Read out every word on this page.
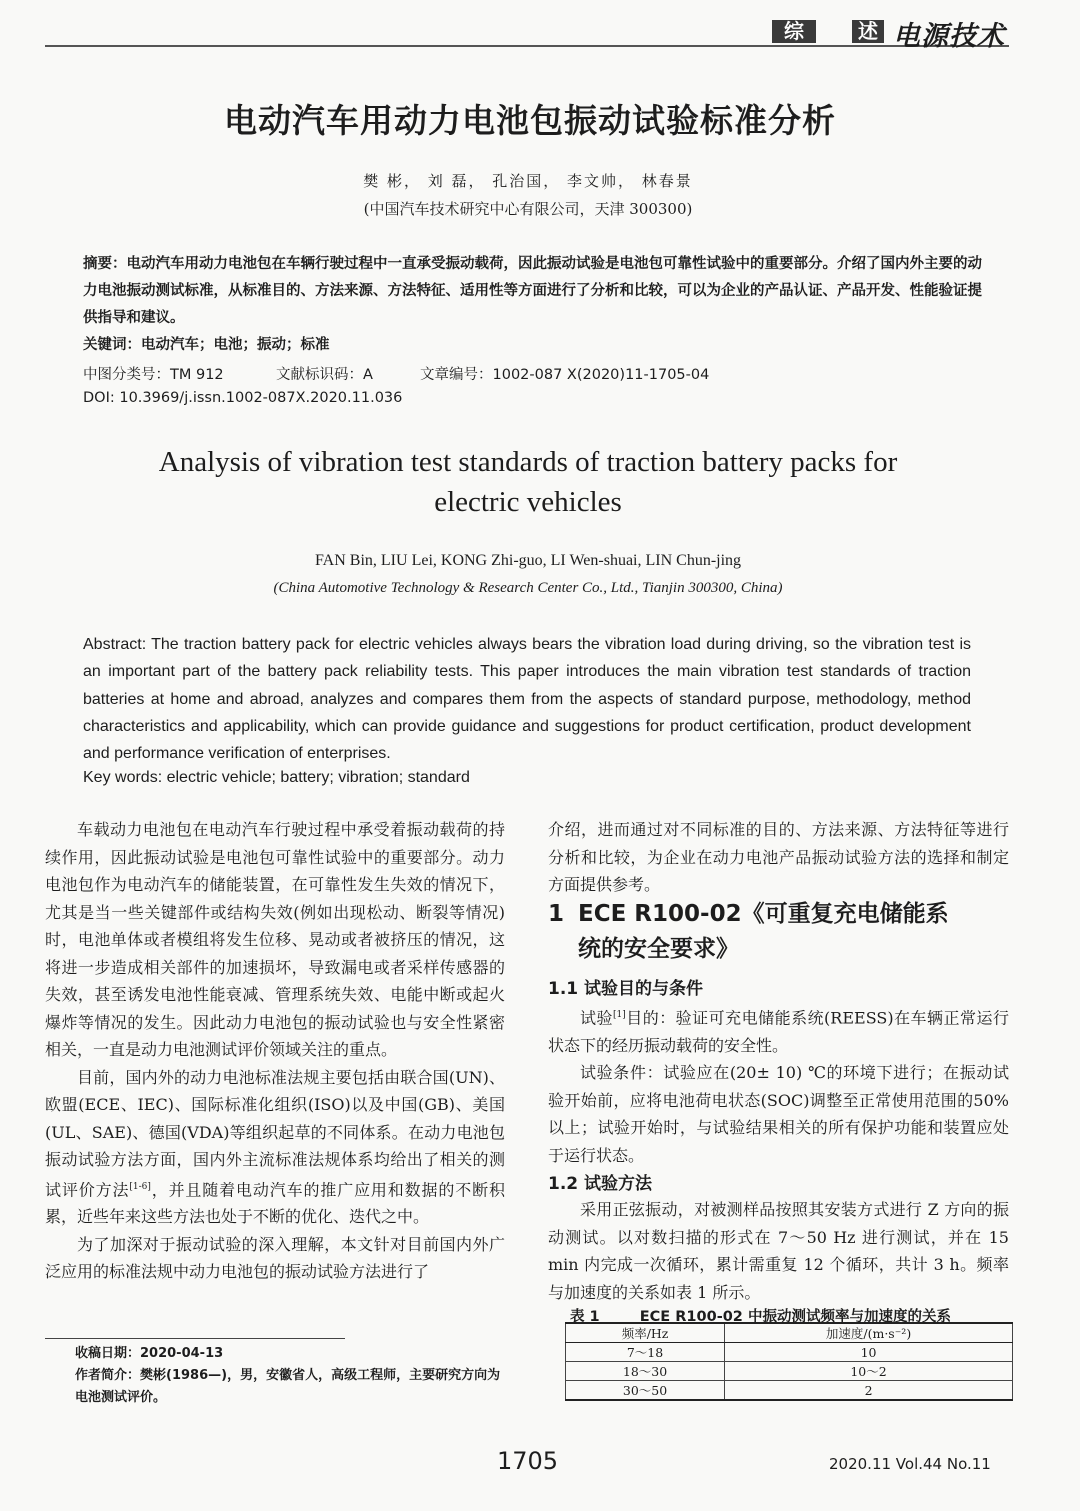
综	述 电源技术
电动汽车用动力电池包振动试验标准分析
樊 彬， 刘 磊， 孔治国， 李文帅， 林春景
(中国汽车技术研究中心有限公司，天津 300300)
摘要：电动汽车用动力电池包在车辆行驶过程中一直承受振动载荷，因此振动试验是电池包可靠性试验中的重要部分。介绍了国内外主要的动力电池振动测试标准，从标准目的、方法来源、方法特征、适用性等方面进行了分析和比较，可以为企业的产品认证、产品开发、性能验证提供指导和建议。
关键词：电动汽车；电池；振动；标准
中图分类号：TM 912	文献标识码：A	文章编号：1002-087 X(2020)11-1705-04
DOI: 10.3969/j.issn.1002-087X.2020.11.036
Analysis of vibration test standards of traction battery packs for electric vehicles
FAN Bin, LIU Lei, KONG Zhi-guo, LI Wen-shuai, LIN Chun-jing
(China Automotive Technology & Research Center Co., Ltd., Tianjin 300300, China)
Abstract: The traction battery pack for electric vehicles always bears the vibration load during driving, so the vibration test is an important part of the battery pack reliability tests. This paper introduces the main vibration test standards of traction batteries at home and abroad, analyzes and compares them from the aspects of standard purpose, methodology, method characteristics and applicability, which can provide guidance and suggestions for product certification, product development and performance verification of enterprises.
Key words: electric vehicle; battery; vibration; standard

车载动力电池包在电动汽车行驶过程中承受着振动载荷的持续作用，因此振动试验是电池包可靠性试验中的重要部分。动力电池包作为电动汽车的储能装置，在可靠性发生失效的情况下，尤其是当一些关键部件或结构失效(例如出现松动、断裂等情况)时，电池单体或者模组将发生位移、晃动或者被挤压的情况，这将进一步造成相关部件的加速损坏，导致漏电或者采样传感器的失效，甚至诱发电池性能衰减、管理系统失效、电能中断或起火爆炸等情况的发生。因此动力电池包的振动试验也与安全性紧密相关，一直是动力电池测试评价领域关注的重点。

目前，国内外的动力电池标准法规主要包括由联合国(UN)、欧盟(ECE、IEC)、国际标准化组织(ISO)以及中国(GB)、美国(UL、SAE)、德国(VDA)等组织起草的不同体系。在动力电池包振动试验方法方面，国内外主流标准法规体系均给出了相关的测试评价方法[1-6]，并且随着电动汽车的推广应用和数据的不断积累，近些年来这些方法也处于不断的优化、迭代之中。

为了加深对于振动试验的深入理解，本文针对目前国内外广泛应用的标准法规中动力电池包的振动试验方法进行了

收稿日期：2020-04-13
作者简介：樊彬(1986—)，男，安徽省人，高级工程师，主要研究方向为电池测试评价。

介绍，进而通过对不同标准的目的、方法来源、方法特征等进行分析和比较，为企业在动力电池产品振动试验方法的选择和制定方面提供参考。

1 ECE R100-02《可重复充电储能系
统的安全要求》
1.1 试验目的与条件

试验[1]目的：验证可充电储能系统(REESS)在车辆正常运行状态下的经历振动载荷的安全性。

试验条件：试验应在(20± 10) ℃的环境下进行；在振动试验开始前，应将电池荷电状态(SOC)调整至正常使用范围的50%以上；试验开始时，与试验结果相关的所有保护功能和装置应处于运行状态。

1.2 试验方法

采用正弦振动，对被测样品按照其安装方式进行 Z 方向的振动测试。以对数扫描的形式在 7～50 Hz 进行测试，并在 15 min 内完成一次循环，累计需重复 12 个循环，共计 3 h。频率与加速度的关系如表 1 所示。

表 1	ECE R100-02 中振动测试频率与加速度的关系
频率/Hz	加速度/(m·s⁻²)
7～18	10
18～30	10～2
30～50	2
1705	2020.11 Vol.44 No.11
